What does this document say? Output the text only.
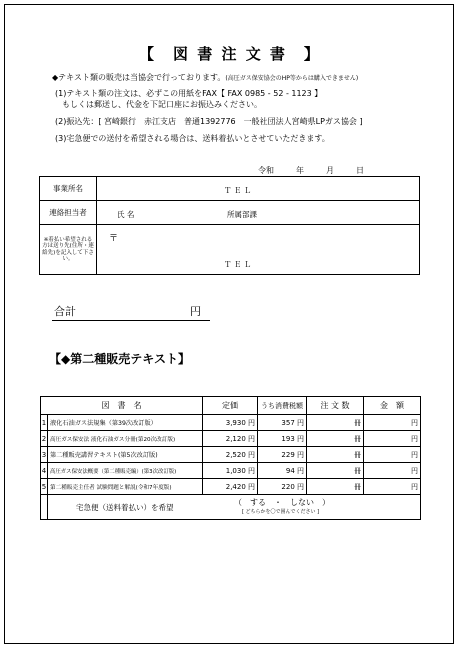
【　図 書 注 文 書　】
◆テキスト類の販売は当協会で行っております。(高圧ガス保安協会のHP等からは購入できません)
(1)テキスト類の注文は、必ずこの用紙をFAX【 FAX 0985 - 52 - 1123 】
もしくは郵送し、代金を下記口座にお振込みください。
(2)振込先：[ 宮崎銀行　赤江支店　普通1392776　一般社団法人宮崎県LPガス協会 ]
(3)宅急便での送付を希望される場合は、送料着払いとさせていただきます。
令和	年	月	日
事業所名	Ｔ Ｅ Ｌ

連絡担当者	氏 名 所属部課

※着払い希望される方は送り先(住所・連絡先)を記入して下さい。	〒
Ｔ Ｅ Ｌ
合計	円
【◆第二種販売テキスト】
図　書　名		定価	うち消費税額	注 文 数	金　額
1	液化石油ガス法規集（第39次改訂版）	3,930 円	357 円	冊	円
2	高圧ガス保安法 液化石油ガス分冊(第20次改訂版)	2,120 円	193 円	冊	円
3	第二種販売講習テキスト(第5次改訂版)	2,520 円	229 円	冊	円
4	高圧ガス保安法概要（第二種販売編）(第3次改訂版)	1,030 円	94 円	冊	円
5	第二種販売主任者 試験問題と解説(令和7年度版)	2,420 円	220 円	冊	円

	宅急便（送料着払い）を希望
（　する　・　しない　）
[ どちらかを〇で囲んでください ]				
